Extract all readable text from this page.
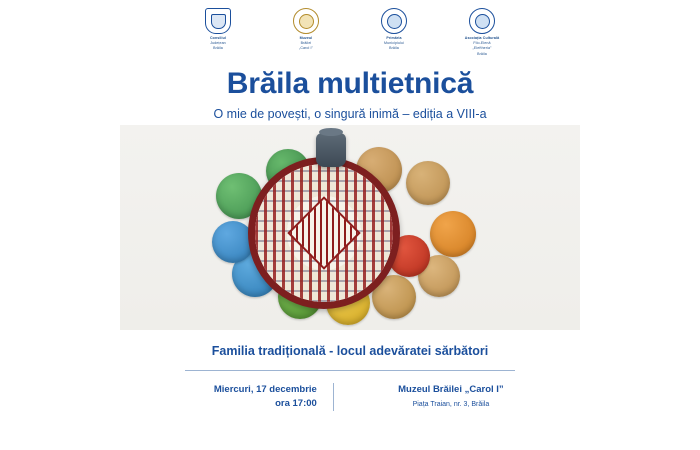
Consiliul
Județean
Brăila
Muzeul
Brăilei
„Carol I”
Primăria
Municipiului
Brăila
Asociația Culturală
Filo-Elenă
„Eleftheria”
Brăila
Brăila multietnică
O mie de povești, o singură inimă – ediția a VIII-a
Familia tradițională - locul adevăratei sărbători
Miercuri, 17 decembrie
ora 17:00
Muzeul Brăilei „Carol I”
Piața Traian, nr. 3, Brăila
